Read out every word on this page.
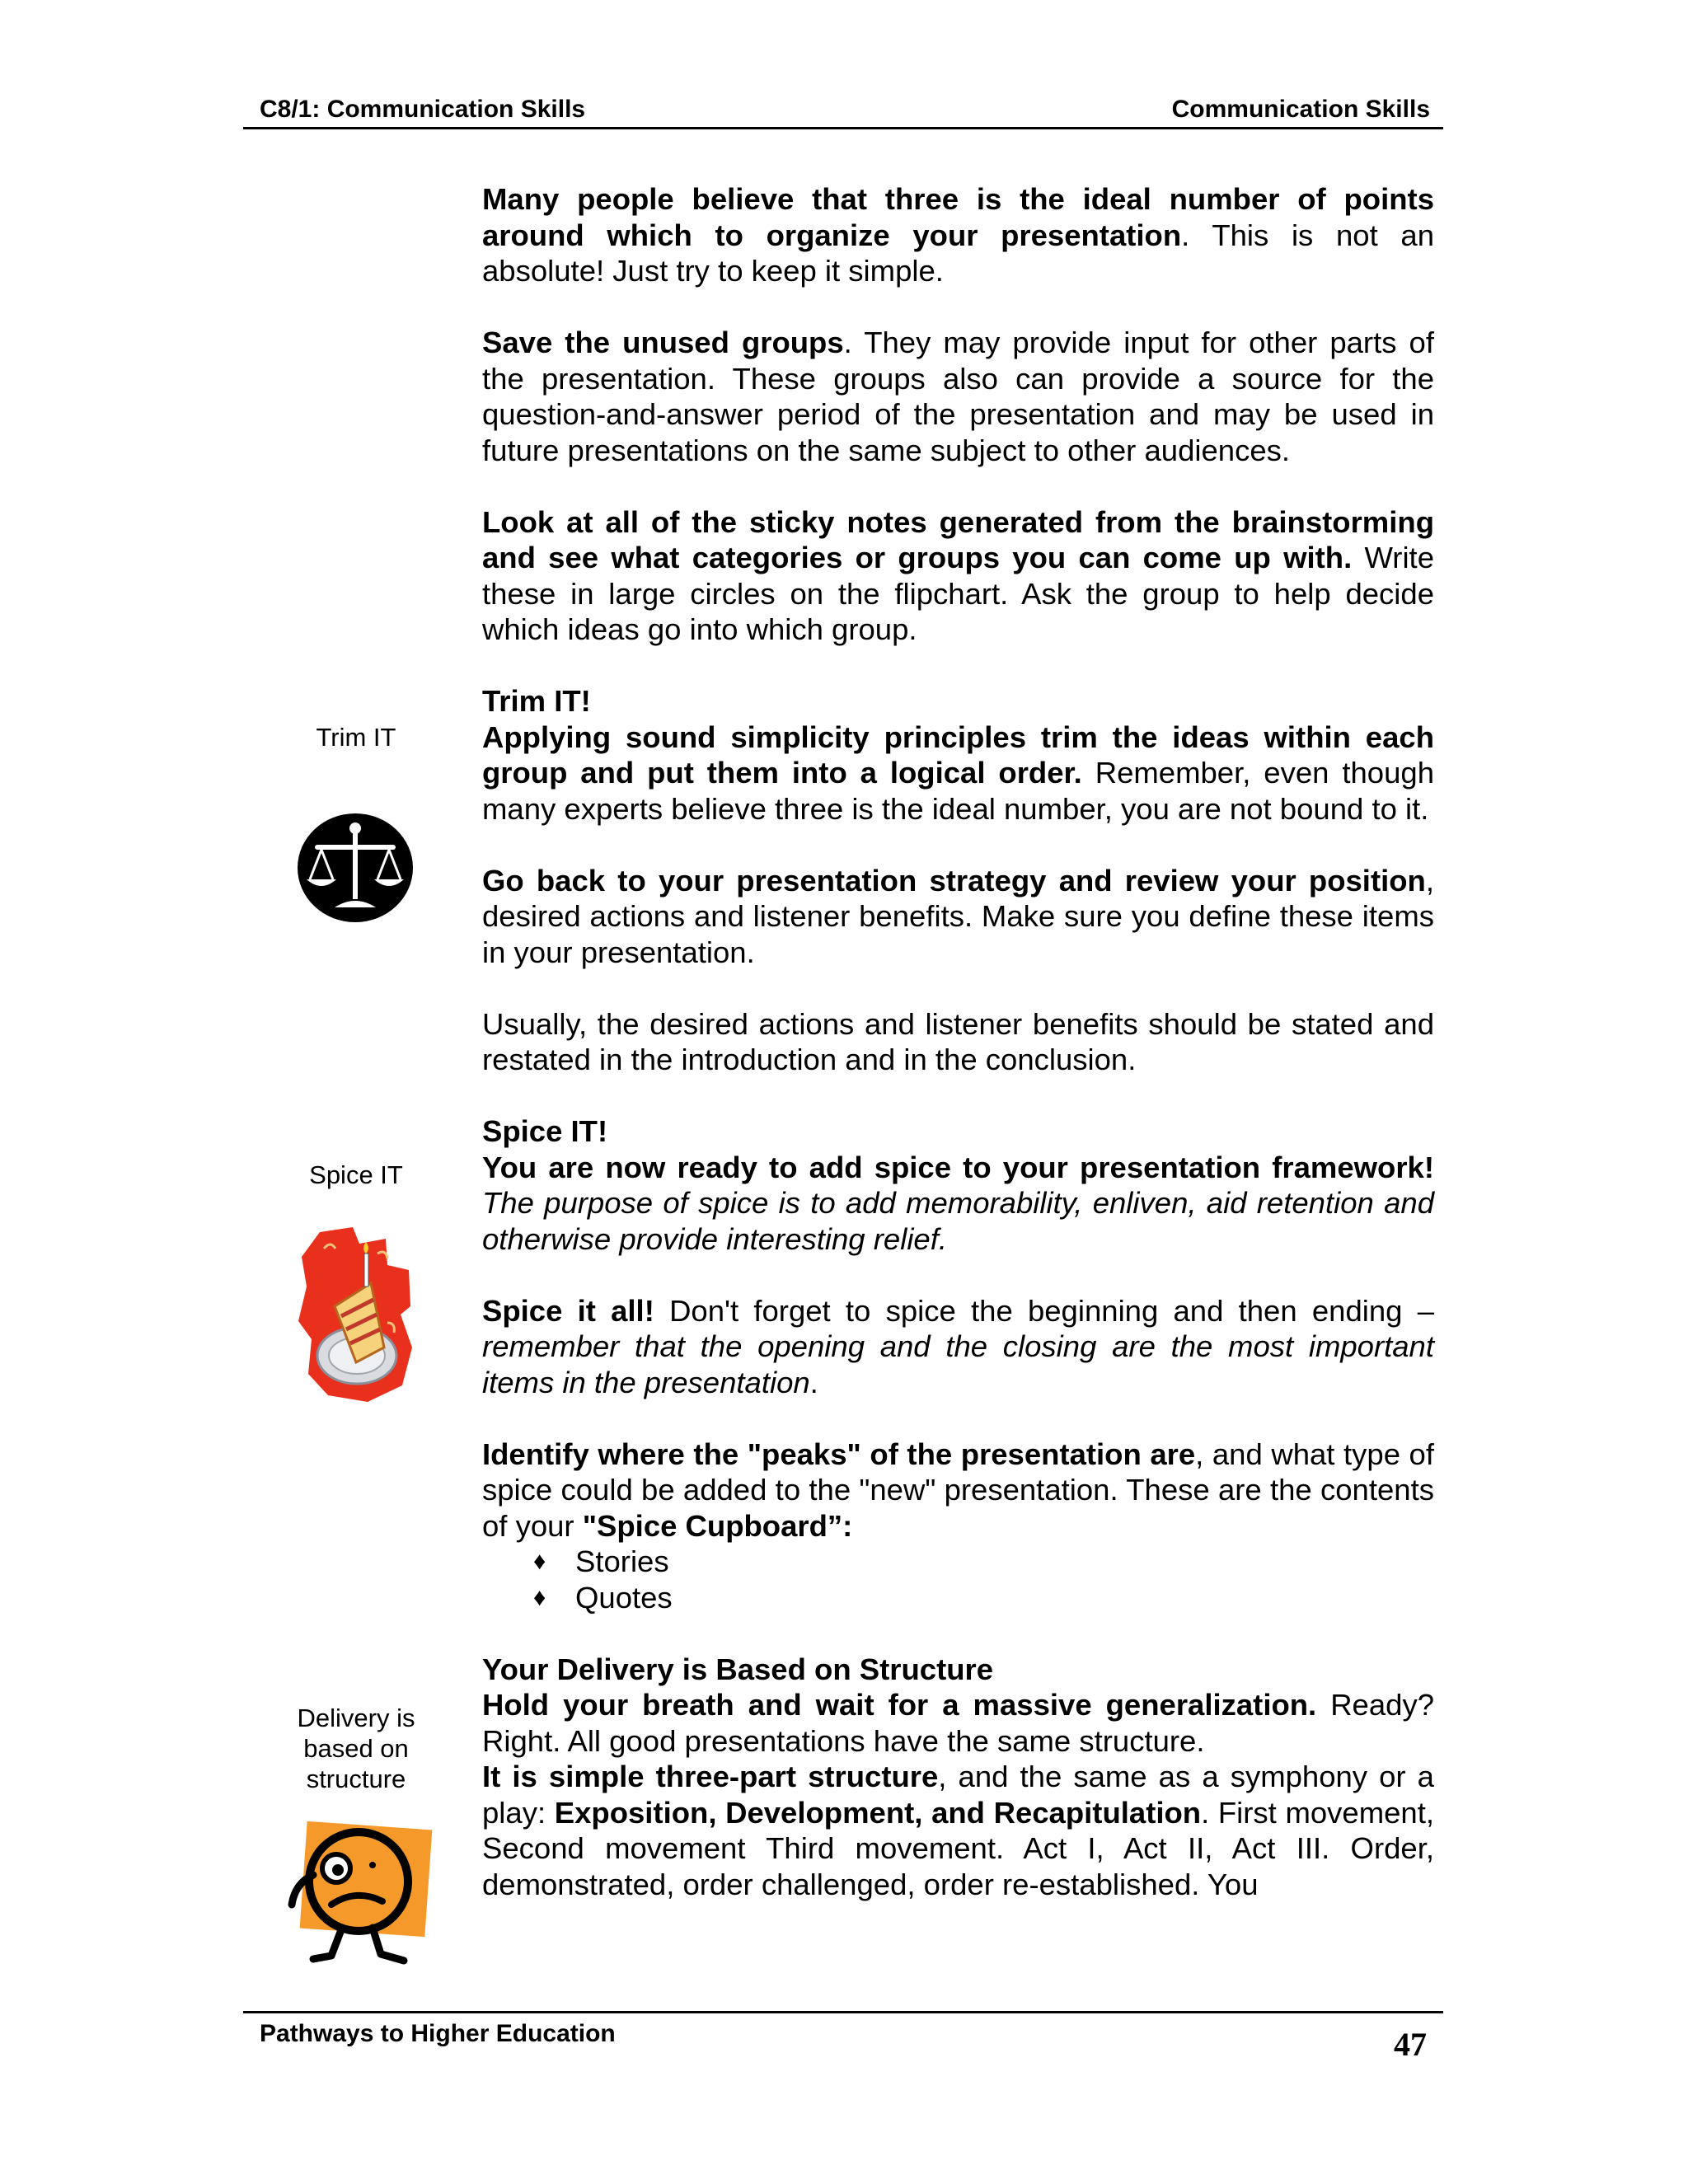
C8/1: Communication Skills	Communication Skills
Trim IT
Spice IT
Delivery is
based on
structure

Many people believe that three is the ideal number of points around which to organize your presentation. This is not an absolute! Just try to keep it simple.

Save the unused groups. They may provide input for other parts of the presentation. These groups also can provide a source for the question-and-answer period of the presentation and may be used in future presentations on the same subject to other audiences.

Look at all of the sticky notes generated from the brainstorming and see what categories or groups you can come up with. Write these in large circles on the flipchart. Ask the group to help decide which ideas go into which group.

Trim IT!

Applying sound simplicity principles trim the ideas within each group and put them into a logical order. Remember, even though many experts believe three is the ideal number, you are not bound to it.

Go back to your presentation strategy and review your position, desired actions and listener benefits. Make sure you define these items in your presentation.

Usually, the desired actions and listener benefits should be stated and restated in the introduction and in the conclusion.

Spice IT!

You are now ready to add spice to your presentation framework! The purpose of spice is to add memorability, enliven, aid retention and otherwise provide interesting relief.

Spice it all! Don't forget to spice the beginning and then ending – remember that the opening and the closing are the most important items in the presentation.

Identify where the "peaks" of the presentation are, and what type of spice could be added to the "new" presentation. These are the contents of your "Spice Cupboard”:

♦ Stories
♦ Quotes

Your Delivery is Based on Structure

Hold your breath and wait for a massive generalization. Ready? Right. All good presentations have the same structure.

It is simple three-part structure, and the same as a symphony or a play: Exposition, Development, and Recapitulation. First movement, Second movement Third movement. Act I, Act II, Act III. Order, demonstrated, order challenged, order re-established. You

Pathways to Higher Education	47
